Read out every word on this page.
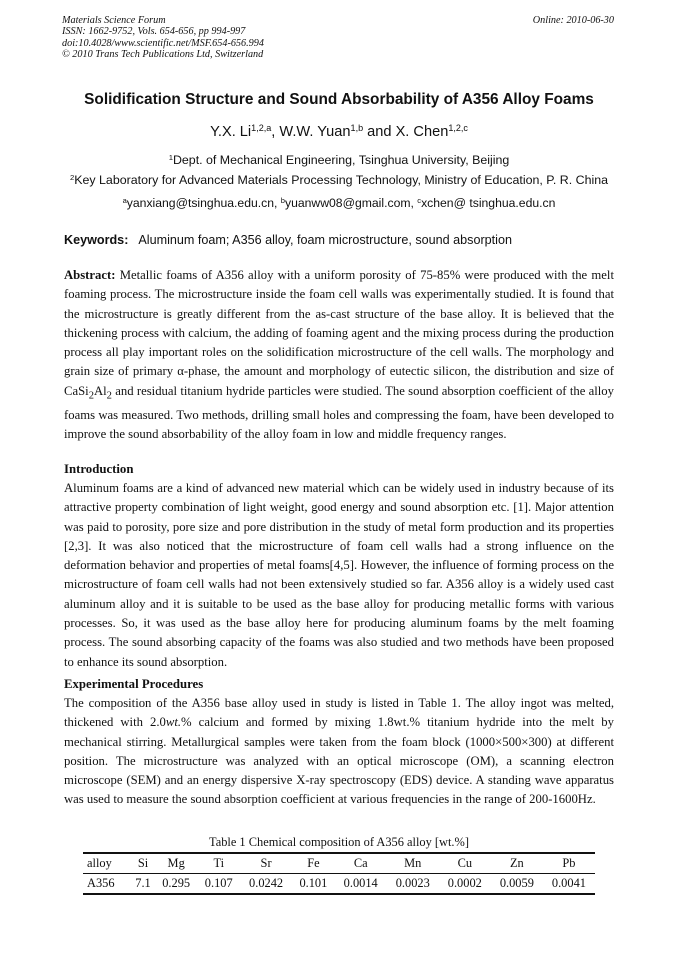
Materials Science Forum
ISSN: 1662-9752, Vols. 654-656, pp 994-997
doi:10.4028/www.scientific.net/MSF.654-656.994
© 2010 Trans Tech Publications Ltd, Switzerland
Online: 2010-06-30
Solidification Structure and Sound Absorbability of A356 Alloy Foams
Y.X. Li$^{1,2,a}$, W.W. Yuan$^{1,b}$ and X. Chen$^{1,2,c}$
$^1$Dept. of Mechanical Engineering, Tsinghua University, Beijing
$^2$Key Laboratory for Advanced Materials Processing Technology, Ministry of Education, P. R. China
$^a$yanxiang@tsinghua.edu.cn, $^b$yuanww08@gmail.com, $^c$xchen@ tsinghua.edu.cn
Keywords: Aluminum foam; A356 alloy, foam microstructure, sound absorption
Abstract: Metallic foams of A356 alloy with a uniform porosity of 75-85% were produced with the melt foaming process. The microstructure inside the foam cell walls was experimentally studied. It is found that the microstructure is greatly different from the as-cast structure of the base alloy. It is believed that the thickening process with calcium, the adding of foaming agent and the mixing process during the production process all play important roles on the solidification microstructure of the cell walls. The morphology and grain size of primary α-phase, the amount and morphology of eutectic silicon, the distribution and size of $CaSi_2Al_2$ and residual titanium hydride particles were studied. The sound absorption coefficient of the alloy foams was measured. Two methods, drilling small holes and compressing the foam, have been developed to improve the sound absorbability of the alloy foam in low and middle frequency ranges.
Introduction
Aluminum foams are a kind of advanced new material which can be widely used in industry because of its attractive property combination of light weight, good energy and sound absorption etc. [1]. Major attention was paid to porosity, pore size and pore distribution in the study of metal form production and its properties [2,3]. It was also noticed that the microstructure of foam cell walls had a strong influence on the deformation behavior and properties of metal foams[4,5]. However, the influence of forming process on the microstructure of foam cell walls had not been extensively studied so far. A356 alloy is a widely used cast aluminum alloy and it is suitable to be used as the base alloy for producing metallic forms with various processes. So, it was used as the base alloy here for producing aluminum foams by the melt foaming process. The sound absorbing capacity of the foams was also studied and two methods have been proposed to enhance its sound absorption.
Experimental Procedures
The composition of the A356 base alloy used in study is listed in Table 1. The alloy ingot was melted, thickened with 2.0wt.% calcium and formed by mixing 1.8wt.% titanium hydride into the melt by mechanical stirring. Metallurgical samples were taken from the foam block (1000×500×300) at different position. The microstructure was analyzed with an optical microscope (OM), a scanning electron microscope (SEM) and an energy dispersive X-ray spectroscopy (EDS) device. A standing wave apparatus was used to measure the sound absorption coefficient at various frequencies in the range of 200-1600Hz.
Table 1 Chemical composition of A356 alloy [wt.%]
alloy	Si	Mg	Ti	Sr	Fe	Ca	Mn	Cu	Zn	Pb
A356	7.1	0.295	0.107	0.0242	0.101	0.0014	0.0023	0.0002	0.0059	0.0041
